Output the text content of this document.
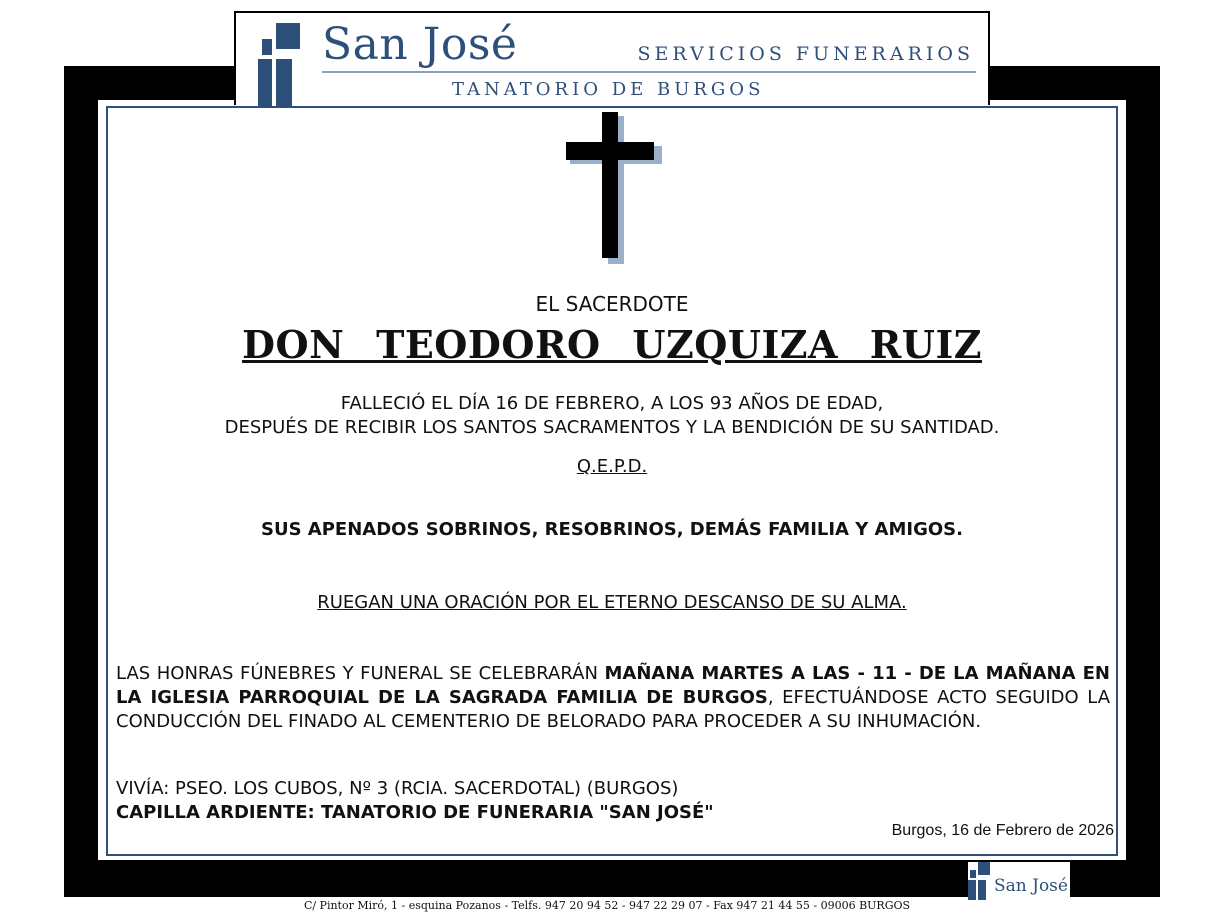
San José	SERVICIOS FUNERARIOS
TANATORIO DE BURGOS
EL SACERDOTE
DON TEODORO UZQUIZA RUIZ
FALLECIÓ EL DÍA 16 DE FEBRERO, A LOS 93 AÑOS DE EDAD,
DESPUÉS DE RECIBIR LOS SANTOS SACRAMENTOS Y LA BENDICIÓN DE SU SANTIDAD.
Q.E.P.D.
SUS APENADOS SOBRINOS, RESOBRINOS, DEMÁS FAMILIA Y AMIGOS.
RUEGAN UNA ORACIÓN POR EL ETERNO DESCANSO DE SU ALMA.
LAS HONRAS FÚNEBRES Y FUNERAL SE CELEBRARÁN MAÑANA MARTES A LAS - 11 - DE LA MAÑANA EN LA IGLESIA PARROQUIAL DE LA SAGRADA FAMILIA DE BURGOS, EFECTUÁNDOSE ACTO SEGUIDO LA CONDUCCIÓN DEL FINADO AL CEMENTERIO DE BELORADO PARA PROCEDER A SU INHUMACIÓN.
VIVÍA: PSEO. LOS CUBOS, Nº 3 (RCIA. SACERDOTAL) (BURGOS)
CAPILLA ARDIENTE: TANATORIO DE FUNERARIA "SAN JOSÉ"
Burgos, 16 de Febrero de 2026
San José
C/ Pintor Miró, 1 - esquina Pozanos - Telfs. 947 20 94 52 - 947 22 29 07 - Fax 947 21 44 55 - 09006 BURGOS
